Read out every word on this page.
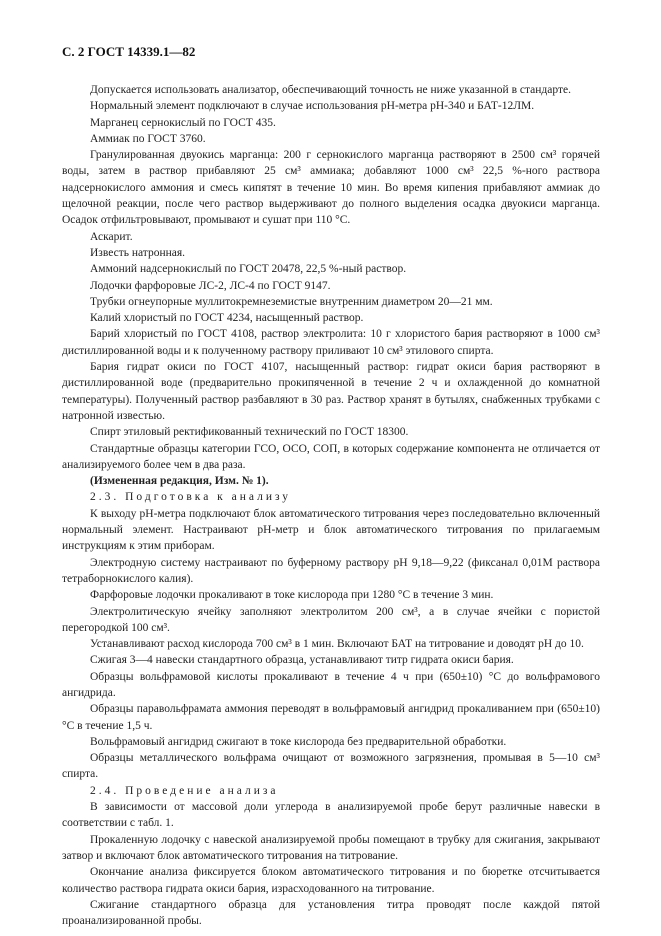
С. 2 ГОСТ 14339.1—82

Допускается использовать анализатор, обеспечивающий точность не ниже указанной в стандарте.

Нормальный элемент подключают в случае использования рН-метра рН-340 и БАТ-12ЛМ.

Марганец сернокислый по ГОСТ 435.

Аммиак по ГОСТ 3760.

Гранулированная двуокись марганца: 200 г сернокислого марганца растворяют в 2500 см³ горячей воды, затем в раствор прибавляют 25 см³ аммиака; добавляют 1000 см³ 22,5 %-ного раствора надсернокислого аммония и смесь кипятят в течение 10 мин. Во время кипения прибавляют аммиак до щелочной реакции, после чего раствор выдерживают до полного выделения осадка двуокиси марганца. Осадок отфильтровывают, промывают и сушат при 110 °С.

Аскарит.

Известь натронная.

Аммоний надсернокислый по ГОСТ 20478, 22,5 %-ный раствор.

Лодочки фарфоровые ЛС-2, ЛС-4 по ГОСТ 9147.

Трубки огнеупорные муллитокремнеземистые внутренним диаметром 20—21 мм.

Калий хлористый по ГОСТ 4234, насыщенный раствор.

Барий хлористый по ГОСТ 4108, раствор электролита: 10 г хлористого бария растворяют в 1000 см³ дистиллированной воды и к полученному раствору приливают 10 см³ этилового спирта.

Бария гидрат окиси по ГОСТ 4107, насыщенный раствор: гидрат окиси бария растворяют в дистиллированной воде (предварительно прокипяченной в течение 2 ч и охлажденной до комнатной температуры). Полученный раствор разбавляют в 30 раз. Раствор хранят в бутылях, снабженных трубками с натронной известью.

Спирт этиловый ректификованный технический по ГОСТ 18300.

Стандартные образцы категории ГСО, ОСО, СОП, в которых содержание компонента не отличается от анализируемого более чем в два раза.

(Измененная редакция, Изм. № 1).

2.3. Подготовка к анализу

К выходу рН-метра подключают блок автоматического титрования через последовательно включенный нормальный элемент. Настраивают рН-метр и блок автоматического титрования по прилагаемым инструкциям к этим приборам.

Электродную систему настраивают по буферному раствору рН 9,18—9,22 (фиксанал 0,01М раствора тетраборнокислого калия).

Фарфоровые лодочки прокаливают в токе кислорода при 1280 °С в течение 3 мин.

Электролитическую ячейку заполняют электролитом 200 см³, а в случае ячейки с пористой перегородкой 100 см³.

Устанавливают расход кислорода 700 см³ в 1 мин. Включают БАТ на титрование и доводят рН до 10.

Сжигая 3—4 навески стандартного образца, устанавливают титр гидрата окиси бария.

Образцы вольфрамовой кислоты прокаливают в течение 4 ч при (650±10) °С до вольфрамового ангидрида.

Образцы паравольфрамата аммония переводят в вольфрамовый ангидрид прокаливанием при (650±10) °С в течение 1,5 ч.

Вольфрамовый ангидрид сжигают в токе кислорода без предварительной обработки.

Образцы металлического вольфрама очищают от возможного загрязнения, промывая в 5—10 см³ спирта.

2.4. Проведение анализа

В зависимости от массовой доли углерода в анализируемой пробе берут различные навески в соответствии с табл. 1.

Прокаленную лодочку с навеской анализируемой пробы помещают в трубку для сжигания, закрывают затвор и включают блок автоматического титрования на титрование.

Окончание анализа фиксируется блоком автоматического титрования и по бюретке отсчитывается количество раствора гидрата окиси бария, израсходованного на титрование.

Сжигание стандартного образца для установления титра проводят после каждой пятой проанализированной пробы.
